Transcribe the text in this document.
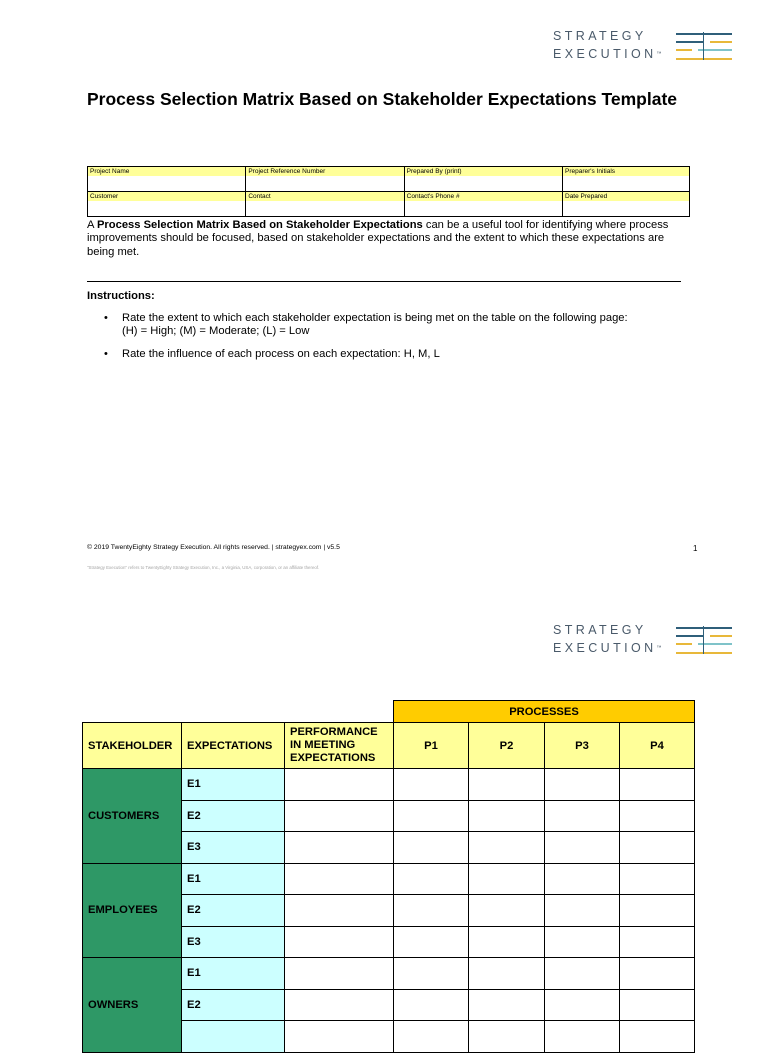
STRATEGY
EXECUTION™
Process Selection Matrix Based on Stakeholder Expectations Template
Project Name	Project Reference Number	Prepared By (print)	Preparer's Initials

Customer	Contact	Contact's Phone #	Date Prepared
A Process Selection Matrix Based on Stakeholder Expectations can be a useful tool for identifying where process improvements should be focused, based on stakeholder expectations and the extent to which these expectations are being met.
Instructions:
• Rate the extent to which each stakeholder expectation is being met on the table on the following page:
(H) = High; (M) = Moderate; (L) = Low
• Rate the influence of each process on each expectation: H, M, L
© 2019 TwentyEighty Strategy Execution. All rights reserved. | strategyex.com | v5.5	1
"Strategy Execution" refers to TwentyEighty Strategy Execution, Inc., a Virginia, USA, corporation, or an affiliate thereof.
STRATEGY
EXECUTION™
			PROCESSES			
STAKEHOLDER	EXPECTATIONS	PERFORMANCE IN MEETING EXPECTATIONS	P1	P2	P3	P4
CUSTOMERS	E1					
	E2					
	E3					
EMPLOYEES	E1					
	E2					
	E3					
OWNERS	E1					
	E2					
